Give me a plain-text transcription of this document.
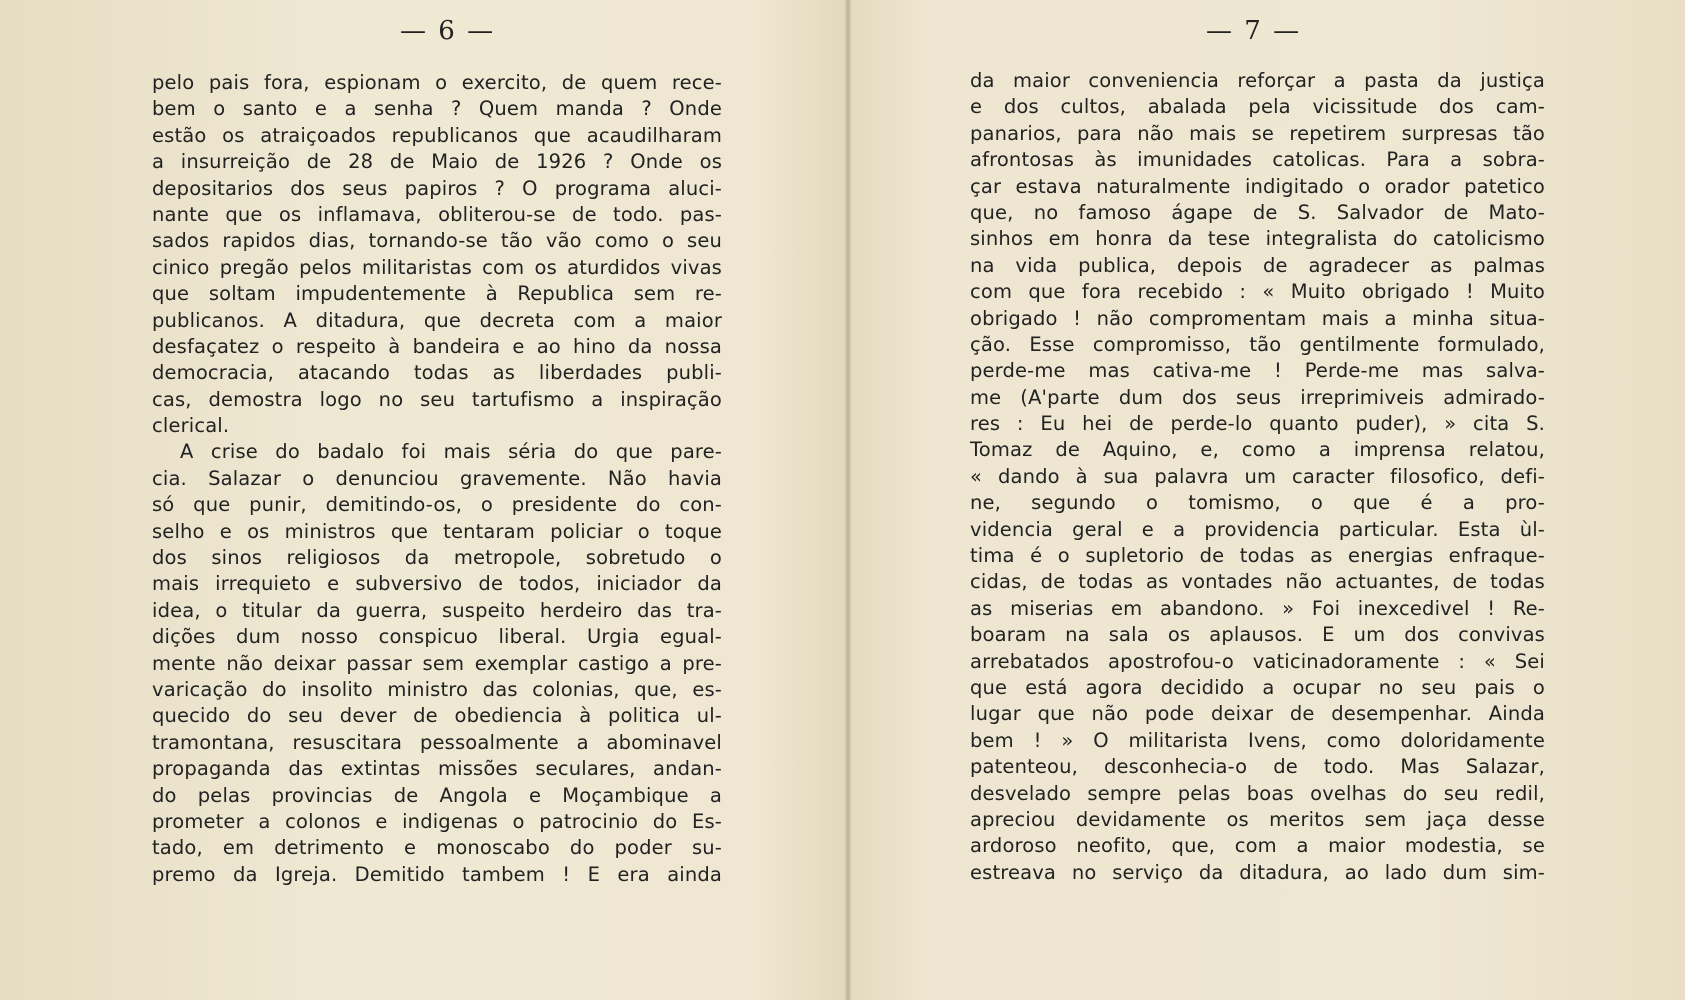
— 6 —
pelo pais fora, espionam o exercito, de quem rece-
bem o santo e a senha ? Quem manda ? Onde
estão os atraiçoados republicanos que acaudilharam
a insurreição de 28 de Maio de 1926 ? Onde os
depositarios dos seus papiros ? O programa aluci-
nante que os inflamava, obliterou-se de todo. pas-
sados rapidos dias, tornando-se tão vão como o seu
cinico pregão pelos militaristas com os aturdidos vivas
que soltam impudentemente à Republica sem re-
publicanos. A ditadura, que decreta com a maior
desfaçatez o respeito à bandeira e ao hino da nossa
democracia, atacando todas as liberdades publi-
cas, demostra logo no seu tartufismo a inspiração
clerical.
A crise do badalo foi mais séria do que pare-
cia. Salazar o denunciou gravemente. Não havia
só que punir, demitindo-os, o presidente do con-
selho e os ministros que tentaram policiar o toque
dos sinos religiosos da metropole, sobretudo o
mais irrequieto e subversivo de todos, iniciador da
idea, o titular da guerra, suspeito herdeiro das tra-
dições dum nosso conspicuo liberal. Urgia egual-
mente não deixar passar sem exemplar castigo a pre-
varicação do insolito ministro das colonias, que, es-
quecido do seu dever de obediencia à politica ul-
tramontana, resuscitara pessoalmente a abominavel
propaganda das extintas missões seculares, andan-
do pelas provincias de Angola e Moçambique a
prometer a colonos e indigenas o patrocinio do Es-
tado, em detrimento e monoscabo do poder su-
premo da Igreja. Demitido tambem ! E era ainda
— 7 —
da maior conveniencia reforçar a pasta da justiça
e dos cultos, abalada pela vicissitude dos cam-
panarios, para não mais se repetirem surpresas tão
afrontosas às imunidades catolicas. Para a sobra-
çar estava naturalmente indigitado o orador patetico
que, no famoso ágape de S. Salvador de Mato-
sinhos em honra da tese integralista do catolicismo
na vida publica, depois de agradecer as palmas
com que fora recebido : « Muito obrigado ! Muito
obrigado ! não compromentam mais a minha situa-
ção. Esse compromisso, tão gentilmente formulado,
perde-me mas cativa-me ! Perde-me mas salva-
me (A'parte dum dos seus irreprimiveis admirado-
res : Eu hei de perde-lo quanto puder), » cita S.
Tomaz de Aquino, e, como a imprensa relatou,
« dando à sua palavra um caracter filosofico, defi-
ne, segundo o tomismo, o que é a pro-
videncia geral e a providencia particular. Esta ùl-
tima é o supletorio de todas as energias enfraque-
cidas, de todas as vontades não actuantes, de todas
as miserias em abandono. » Foi inexcedivel ! Re-
boaram na sala os aplausos. E um dos convivas
arrebatados apostrofou-o vaticinadoramente : « Sei
que está agora decidido a ocupar no seu pais o
lugar que não pode deixar de desempenhar. Ainda
bem ! » O militarista Ivens, como doloridamente
patenteou, desconhecia-o de todo. Mas Salazar,
desvelado sempre pelas boas ovelhas do seu redil,
apreciou devidamente os meritos sem jaça desse
ardoroso neofito, que, com a maior modestia, se
estreava no serviço da ditadura, ao lado dum sim-
